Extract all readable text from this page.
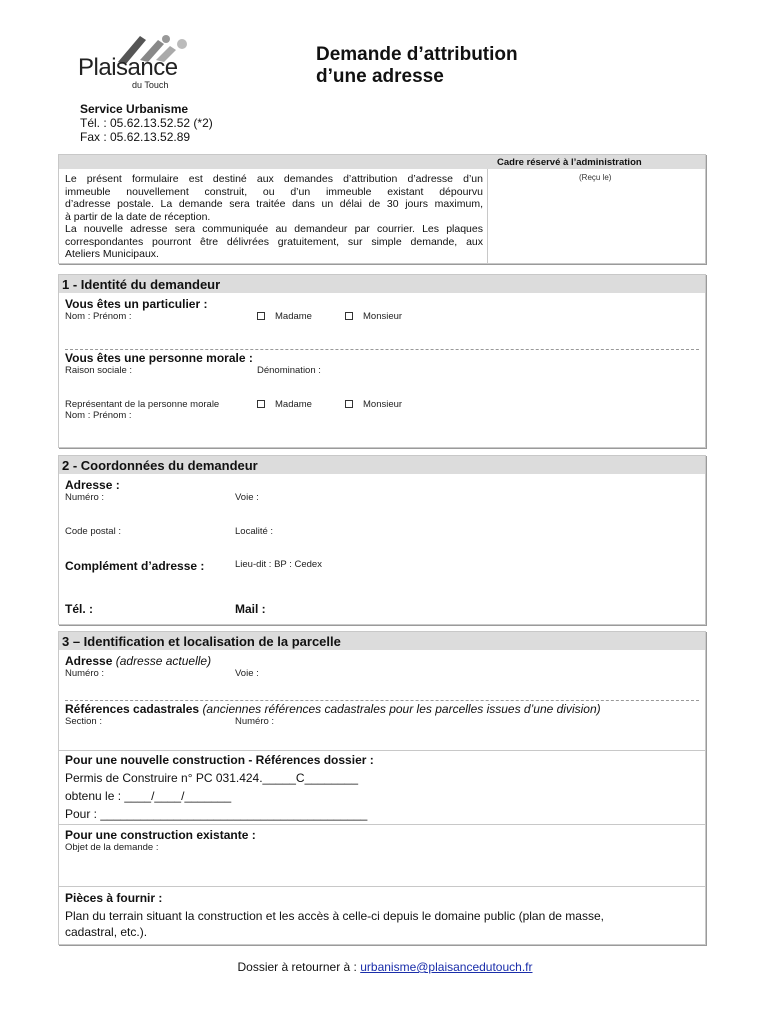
Plaisance
du Touch
Demande d’attribution
d’une adresse
Service Urbanisme
Tél. : 05.62.13.52.52 (*2)
Fax : 05.62.13.52.89
Cadre réservé à l’administration
(Reçu le)
Le présent formulaire est destiné aux demandes d’attribution d’adresse d’un
immeuble nouvellement construit, ou d’un immeuble existant dépourvu
d’adresse postale. La demande sera traitée dans un délai de 30 jours maximum,
à partir de la date de réception.
La nouvelle adresse sera communiquée au demandeur par courrier. Les plaques
correspondantes pourront être délivrées gratuitement, sur simple demande, aux
Ateliers Municipaux.
1 - Identité du demandeur
Vous êtes un particulier :
Nom : Prénom :	Madame	Monsieur
Vous êtes une personne morale :
Raison sociale :	Dénomination :
Représentant de la personne morale
Nom : Prénom :
Madame	Monsieur
2 - Coordonnées du demandeur
Adresse :
Numéro :	Voie :
Code postal :	Localité :
Complément d’adresse :	Lieu-dit : BP : Cedex
Tél. :	Mail :
3 – Identification et localisation de la parcelle
Adresse (adresse actuelle)
Numéro :	Voie :
Références cadastrales (anciennes références cadastrales pour les parcelles issues d’une division)
Section :	Numéro :
Pour une nouvelle construction - Références dossier :
Permis de Construire n° PC 031.424._____C________
obtenu le : ____/____/_______
Pour : ________________________________________
Pour une construction existante :
Objet de la demande :
Pièces à fournir :
Plan du terrain situant la construction et les accès à celle-ci depuis le domaine public (plan de masse,
cadastral, etc.).
Dossier à retourner à : urbanisme@plaisancedutouch.fr
